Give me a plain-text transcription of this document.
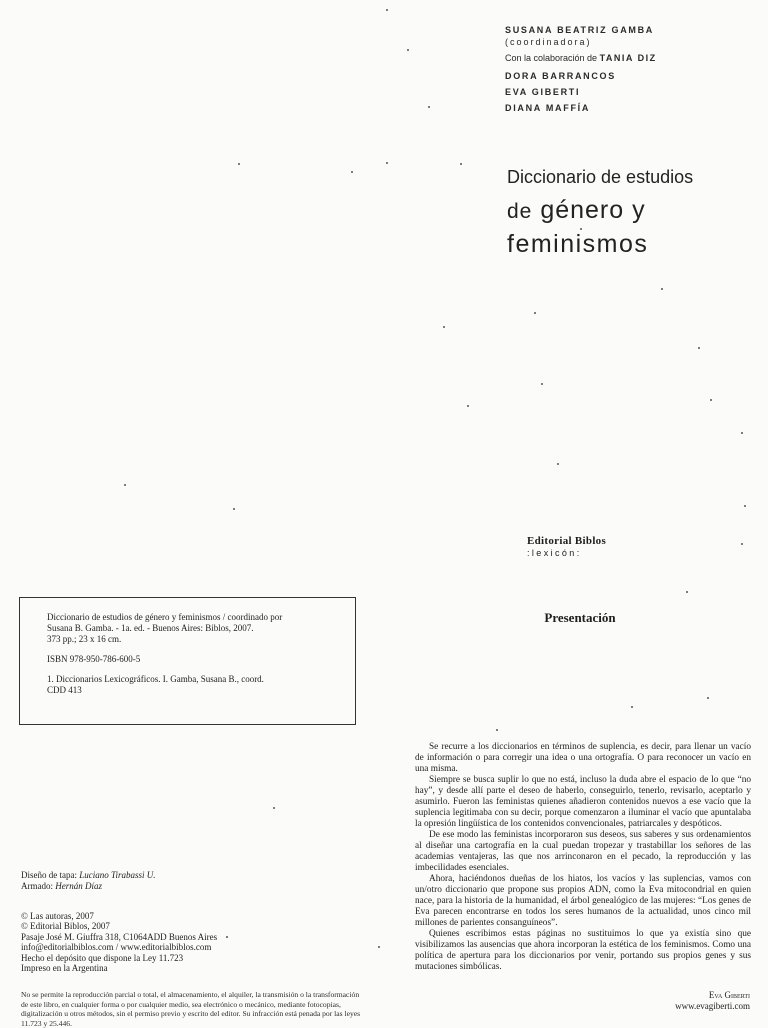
SUSANA BEATRIZ GAMBA
(coordinadora)
Con la colaboración de TANIA DIZ
DORA BARRANCOS
EVA GIBERTI
DIANA MAFFÍA
Diccionario de estudios
de género y
feminismos
Editorial Biblos
:lexicón:

Diccionario de estudios de género y feminismos / coordinado por

Susana B. Gamba. - 1a. ed. - Buenos Aires: Biblos, 2007.

373 pp.; 23 x 16 cm.

ISBN 978-950-786-600-5

1. Diccionarios Lexicográficos. I. Gamba, Susana B., coord.

CDD 413

Presentación

Se recurre a los diccionarios en términos de suplencia, es decir, para llenar un vacío de información o para corregir una idea o una ortografía. O para reconocer un vacío en una misma.

Siempre se busca suplir lo que no está, incluso la duda abre el espacio de lo que “no hay”, y desde allí parte el deseo de haberlo, conseguirlo, tenerlo, revisarlo, aceptarlo y asumirlo. Fueron las feministas quienes añadieron contenidos nuevos a ese vacío que la suplencia legitimaba con su decir, porque comenzaron a iluminar el vacío que apuntalaba la opresión lingüística de los contenidos convencionales, patriarcales y despóticos.

De ese modo las feministas incorporaron sus deseos, sus saberes y sus ordenamientos al diseñar una cartografía en la cual puedan tropezar y trastabillar los señores de las academias ventajeras, las que nos arrinconaron en el pecado, la reproducción y las imbecilidades esenciales.

Ahora, haciéndonos dueñas de los hiatos, los vacíos y las suplencias, vamos con un/otro diccionario que propone sus propios ADN, como la Eva mitocondrial en quien nace, para la historia de la humanidad, el árbol genealógico de las mujeres: “Los genes de Eva parecen encontrarse en todos los seres humanos de la actualidad, unos cinco mil millones de parientes consanguíneos”.

Quienes escribimos estas páginas no sustituimos lo que ya existía sino que visibilizamos las ausencias que ahora incorporan la estética de los feminismos. Como una política de apertura para los diccionarios por venir, portando sus propios genes y sus mutaciones simbólicas.

Eva Giberti
www.evagiberti.com

Diseño de tapa: Luciano Tirabassi U.

Armado: Hernán Díaz

© Las autoras, 2007

© Editorial Biblos, 2007

Pasaje José M. Giuffra 318, C1064ADD Buenos Aires

info@editorialbiblos.com / www.editorialbiblos.com

Hecho el depósito que dispone la Ley 11.723

Impreso en la Argentina

No se permite la reproducción parcial o total, el almacenamiento, el alquiler, la transmisión o la transformación de este libro, en cualquier forma o por cualquier medio, sea electrónico o mecánico, mediante fotocopias, digitalización u otros métodos, sin el permiso previo y escrito del editor. Su infracción está penada por las leyes 11.723 y 25.446.
